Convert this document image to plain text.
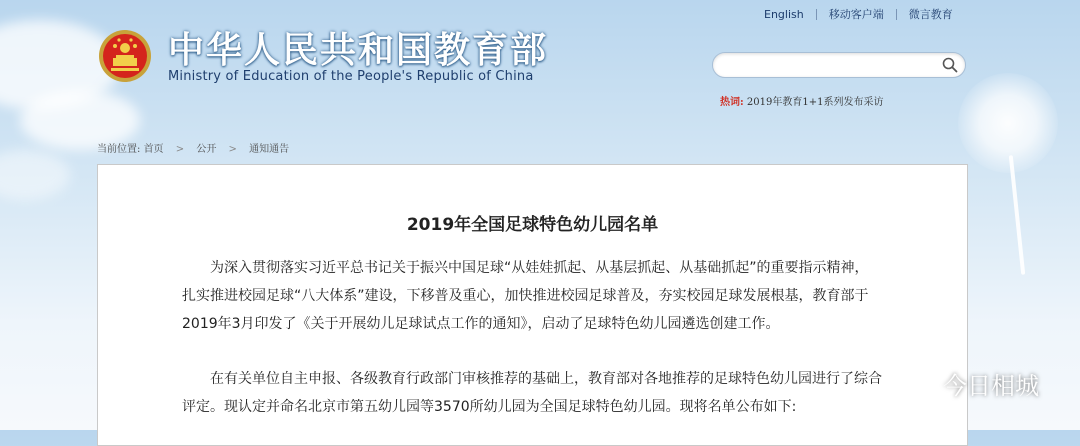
中华人民共和国教育部
Ministry of Education of the People's Republic of China
English 移动客户端 微言教育
热词: 2019年教育1+1系列发布采访
当前位置: 首页 > 公开 > 通知通告
2019年全国足球特色幼儿园名单

为深入贯彻落实习近平总书记关于振兴中国足球“从娃娃抓起、从基层抓起、从基础抓起”的重要指示精神，

扎实推进校园足球“八大体系”建设，下移普及重心，加快推进校园足球普及，夯实校园足球发展根基，教育部于

2019年3月印发了《关于开展幼儿足球试点工作的通知》，启动了足球特色幼儿园遴选创建工作。

在有关单位自主申报、各级教育行政部门审核推荐的基础上，教育部对各地推荐的足球特色幼儿园进行了综合

评定。现认定并命名北京市第五幼儿园等3570所幼儿园为全国足球特色幼儿园。现将名单公布如下:

今日相城
